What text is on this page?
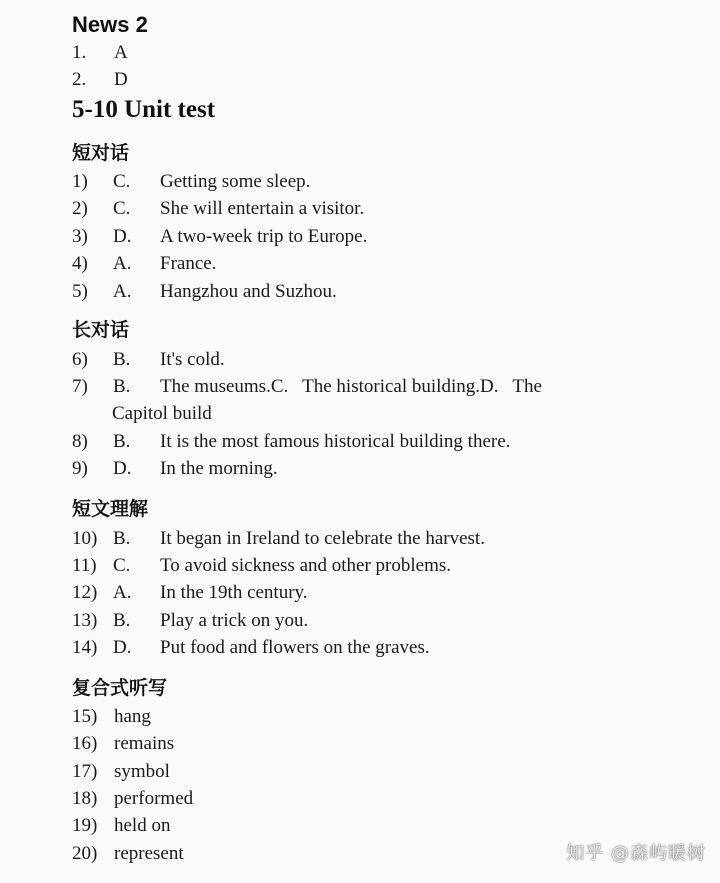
News 2
1. A
2. D
5-10 Unit test
短对话
1) C. Getting some sleep.
2) C. She will entertain a visitor.
3) D. A two-week trip to Europe.
4) A. France.
5) A. Hangzhou and Suzhou.
长对话
6) B. It's cold.
7) B. The museums.C.   The historical building.D.   The
Capitol build
8) B. It is the most famous historical building there.
9) D. In the morning.
短文理解
10) B. It began in Ireland to celebrate the harvest.
11) C. To avoid sickness and other problems.
12) A. In the 19th century.
13) B. Play a trick on you.
14) D. Put food and flowers on the graves.
复合式听写
15) hang
16) remains
17) symbol
18) performed
19) held on
20) represent	知乎 @森屿暖树
